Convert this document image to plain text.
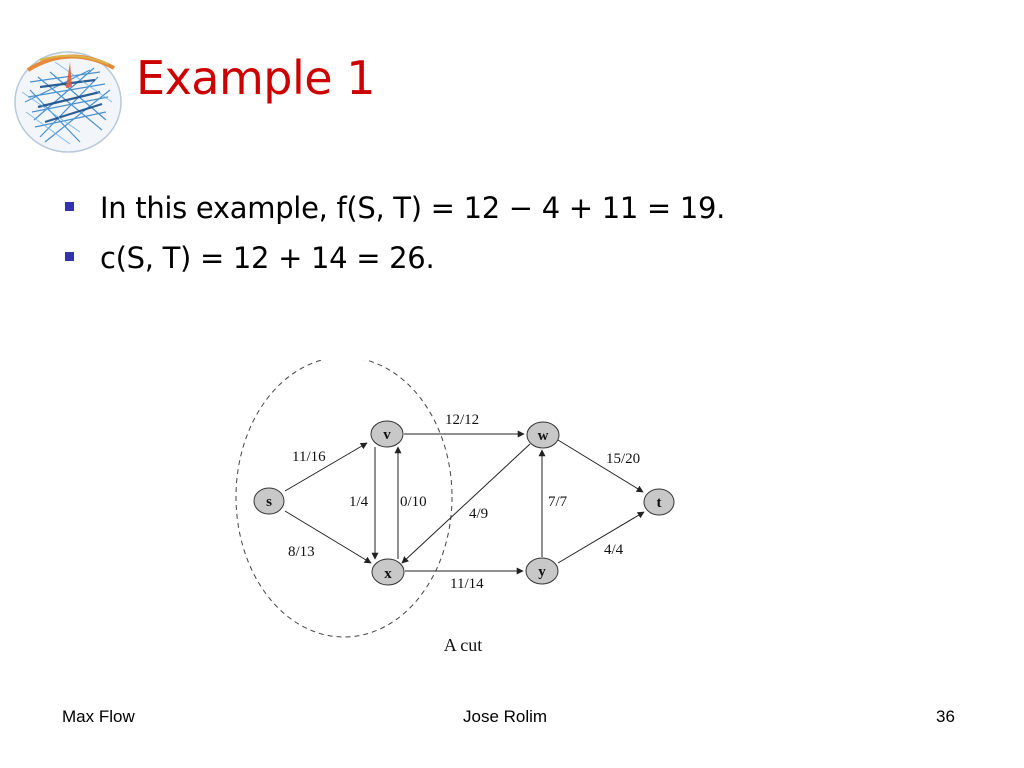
Example 1
In this example, f(S, T) = 12 − 4 + 11 = 19.
c(S, T) = 12 + 14 = 26.
11/16
8/13
1/4 0/10
12/12
4/9
11/14
7/7
15/20
4/4
s
v
x
w
y
t
A cut
Max Flow	Jose Rolim	36
